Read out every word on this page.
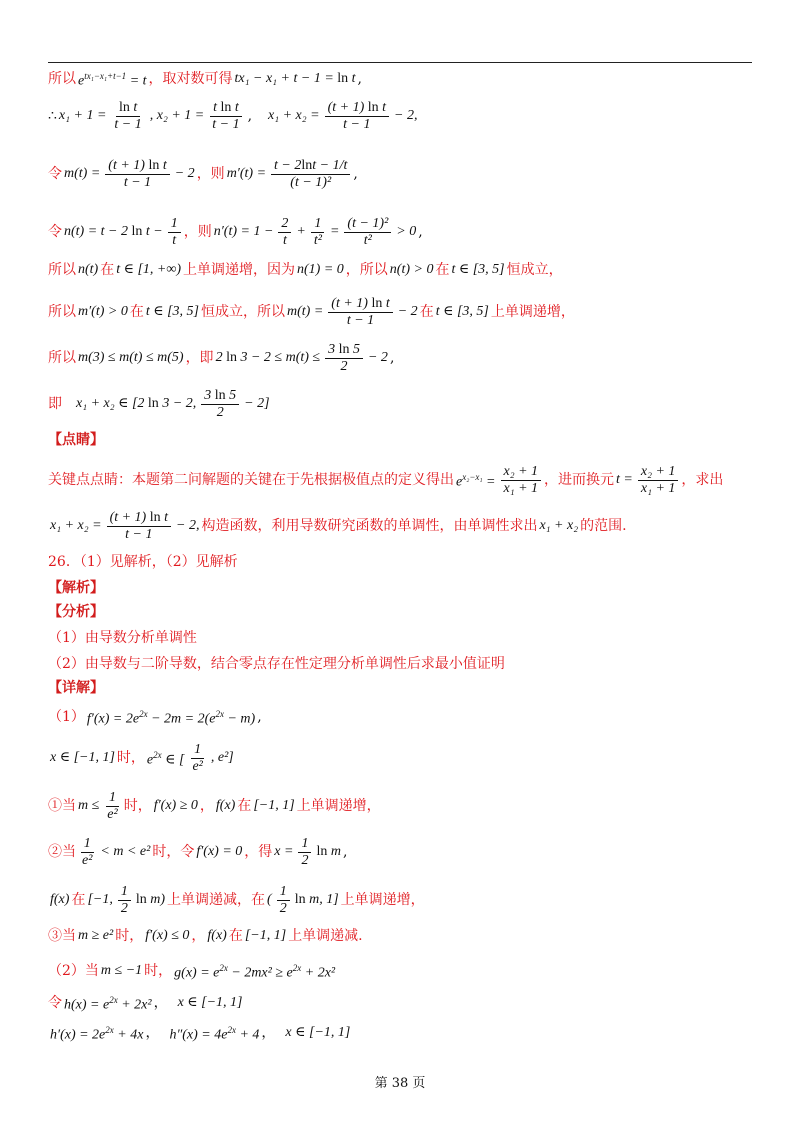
所以 $e^{tx_1-x_1+t-1} = t$ ，取对数可得 tx₁ − x₁ + t − 1 = ln t ,
∴ $x_1 + 1 = \frac{\text{ln t}}{t - 1}$ , $x_2 + 1 = \frac{\text{t ln t}}{t - 1}$ , $x_1 + x_2 = \frac{\text{(t + 1) ln t}}{t - 1} - 2$,
令 $m(t) = \frac{\text{(t + 1) ln t}}{t - 1} - 2$ ，则 $m'(t) = \frac{t - 2\ln t - 1/t}{\text{(t − 1)²}}$ ,
令 n(t) = t − 2 $\ln t - \frac{1}{t}$ ，则 $n'(t) = 1 - \frac{2}{t} + \frac{1}{\text{t²}} = \frac{\text{(t − 1)²}}{\text{t²}} > 0$ ,
所以 n(t) 在 t ∈ [1, +∞) 上单调递增，因为 n(1) = 0 ，所以 n(t) > 0 在 t ∈ [3, 5] 恒成立，
所以 m′(t) > 0 在 t ∈ [3, 5] 恒成立，所以 $m(t) = \frac{\text{(t + 1) ln t}}{t - 1} - 2$ 在 t ∈ [3, 5] 上单调递增，
所以 m(3) ≤ m(t) ≤ m(5) ，即 2 $\ln 3 - 2 \le m(t) \le \frac{3 \ln 5}{2} - 2$ ,
即 x₁ + x₂ ∈ [2 ln 3 − 2, $\frac{3 \ln 5}{2} - 2$]
【点睛】
关键点点睛：本题第二问解题的关键在于先根据极值点的定义得出 $e^{x_2-x_1} = \frac{\text{x₂ + 1}}{\text{x₁ + 1}}$ ，进而换元 $t = \frac{\text{x₂ + 1}}{\text{x₁ + 1}}$ ，求出
$x_1 + x_2 = \frac{\text{(t + 1) ln t}}{t - 1} - 2$, 构造函数，利用导数研究函数的单调性，由单调性求出 x₁ + x₂ 的范围.
26．（1）见解析，（2）见解析
【解析】
【分析】
（1）由导数分析单调性
（2）由导数与二阶导数，结合零点存在性定理分析单调性后求最小值证明
【详解】
（1） $f'(x) = 2e^{2x} - 2m = 2(e^{2x} - m)$ ,
x ∈ [−1, 1] 时， $e^{2x}$ ∈ [ $\frac{1}{\text{e²}}$ , e²]
①当 $m \le \frac{1}{\text{e²}}$ 时， f′(x) ≥ 0 ， f(x) 在 [−1, 1] 上单调递增，
②当 $\frac{1}{\text{e²}} < m < e^2$ 时，令 f′(x) = 0 ，得 $x = \frac{1}{2}$ ln m ,
f(x) 在 [−1, $\frac{1}{2}$ ln m) 上单调递减，在 ( $\frac{1}{2}$ ln m, 1] 上单调递增，
③当 m ≥ e² 时， f′(x) ≤ 0 ， f(x) 在 [−1, 1] 上单调递减.
（2）当 m ≤ −1 时， $g(x) = e^{2x} - 2mx^2 \ge e^{2x} + 2x^2$
令 $h(x) = e^{2x} + 2x^2$ ， x ∈ [−1, 1]
$h'(x) = 2e^{2x} + 4x$ ， $h''(x) = 4e^{2x} + 4$ ， x ∈ [−1, 1]
第 38 页
